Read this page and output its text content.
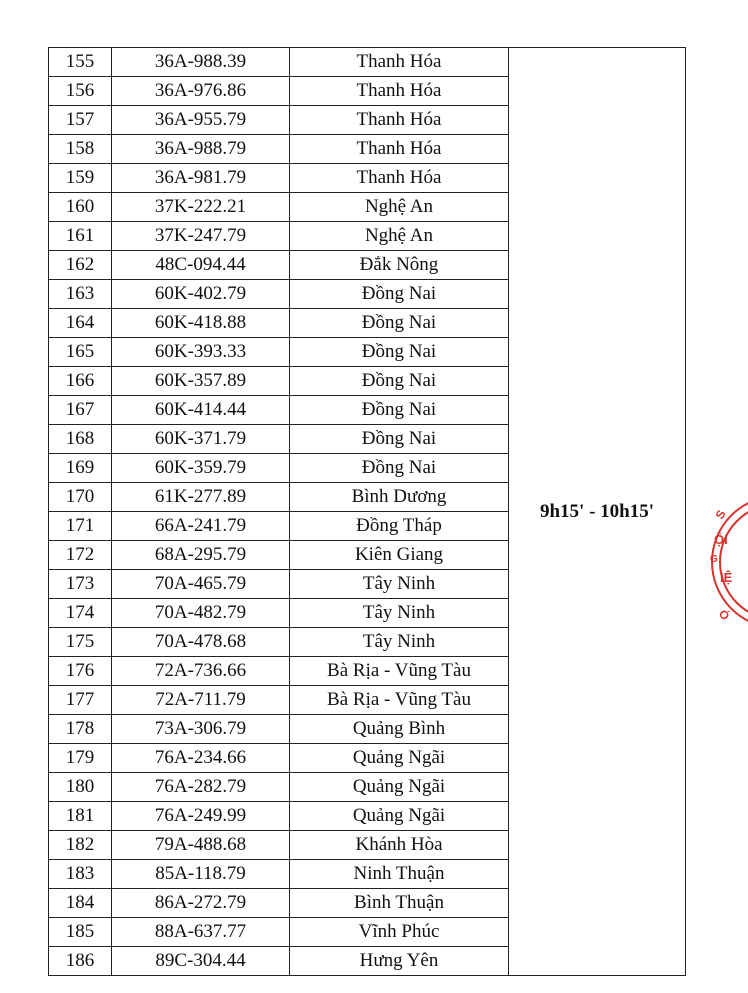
155	36A-988.39	Thanh Hóa	9h15' - 10h15'
156	36A-976.86	Thanh Hóa	
157	36A-955.79	Thanh Hóa	
158	36A-988.79	Thanh Hóa	
159	36A-981.79	Thanh Hóa	
160	37K-222.21	Nghệ An	
161	37K-247.79	Nghệ An	
162	48C-094.44	Đắk Nông	
163	60K-402.79	Đồng Nai	
164	60K-418.88	Đồng Nai	
165	60K-393.33	Đồng Nai	
166	60K-357.89	Đồng Nai	
167	60K-414.44	Đồng Nai	
168	60K-371.79	Đồng Nai	
169	60K-359.79	Đồng Nai	
170	61K-277.89	Bình Dương	
171	66A-241.79	Đồng Tháp	
172	68A-295.79	Kiên Giang	
173	70A-465.79	Tây Ninh	
174	70A-482.79	Tây Ninh	
175	70A-478.68	Tây Ninh	
176	72A-736.66	Bà Rịa - Vũng Tàu	
177	72A-711.79	Bà Rịa - Vũng Tàu	
178	73A-306.79	Quảng Bình	
179	76A-234.66	Quảng Ngãi	
180	76A-282.79	Quảng Ngãi	
181	76A-249.99	Quảng Ngãi	
182	79A-488.68	Khánh Hòa	
183	85A-118.79	Ninh Thuận	
184	86A-272.79	Bình Thuận	
185	88A-637.77	Vĩnh Phúc	
186	89C-304.44	Hưng Yên	
S
ỘI
G
IỆ
Ó
